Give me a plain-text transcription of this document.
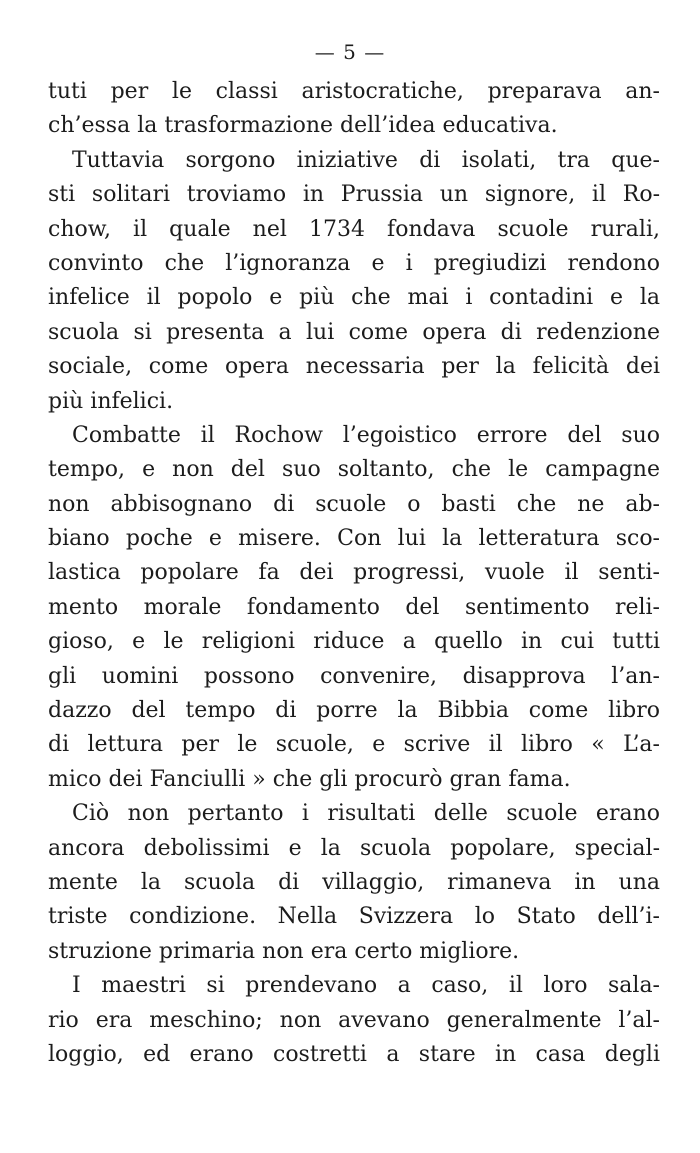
— 5 —
tuti per le classi aristocratiche, preparava an-
ch’essa la trasformazione dell’idea educativa.
Tuttavia sorgono iniziative di isolati, tra que-
sti solitari troviamo in Prussia un signore, il Ro-
chow, il quale nel 1734 fondava scuole rurali,
convinto che l’ignoranza e i pregiudizi rendono
infelice il popolo e più che mai i contadini e la
scuola si presenta a lui come opera di redenzione
sociale, come opera necessaria per la felicità dei
più infelici.
Combatte il Rochow l’egoistico errore del suo
tempo, e non del suo soltanto, che le campagne
non abbisognano di scuole o basti che ne ab-
biano poche e misere. Con lui la letteratura sco-
lastica popolare fa dei progressi, vuole il senti-
mento morale fondamento del sentimento reli-
gioso, e le religioni riduce a quello in cui tutti
gli uomini possono convenire, disapprova l’an-
dazzo del tempo di porre la Bibbia come libro
di lettura per le scuole, e scrive il libro « L’a-
mico dei Fanciulli » che gli procurò gran fama.
Ciò non pertanto i risultati delle scuole erano
ancora debolissimi e la scuola popolare, special-
mente la scuola di villaggio, rimaneva in una
triste condizione. Nella Svizzera lo Stato dell’i-
struzione primaria non era certo migliore.
I maestri si prendevano a caso, il loro sala-
rio era meschino; non avevano generalmente l’al-
loggio, ed erano costretti a stare in casa degli
